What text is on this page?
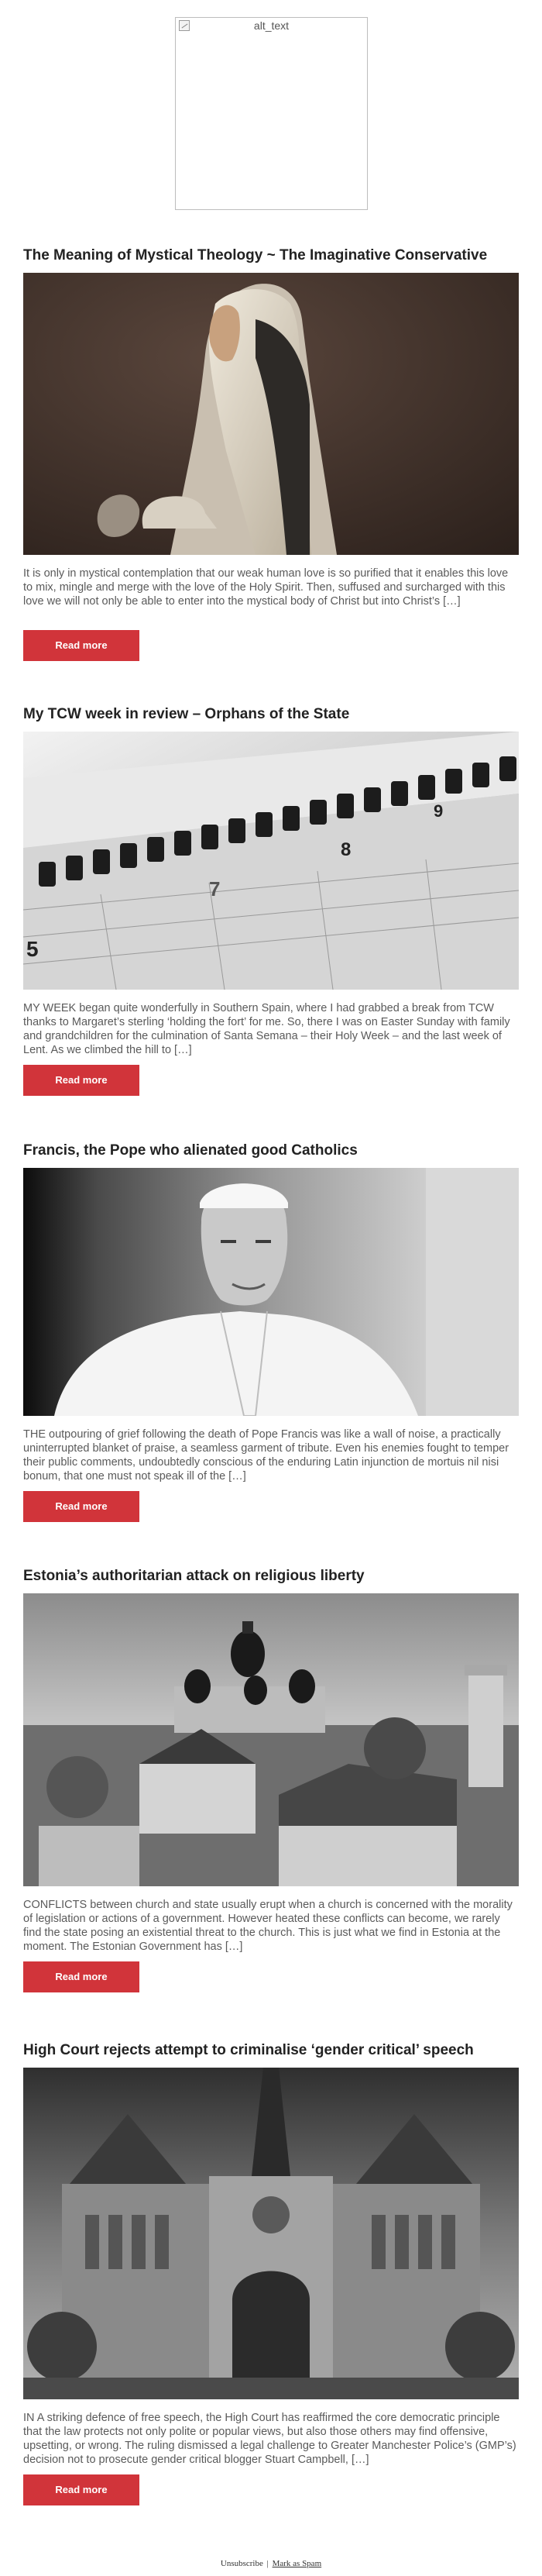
alt_text
The Meaning of Mystical Theology ~ The Imaginative Conservative

It is only in mystical contemplation that our weak human love is so purified that it enables this love to mix, mingle and merge with the love of the Holy Spirit. Then, suffused and surcharged with this love we will not only be able to enter into the mystical body of Christ but into Christ’s […]

Read more
My TCW week in review – Orphans of the State
7
8
9
5

MY WEEK began quite wonderfully in Southern Spain, where I had grabbed a break from TCW thanks to Margaret’s sterling ‘holding the fort’ for me. So, there I was on Easter Sunday with family and grandchildren for the culmination of Santa Semana – their Holy Week – and the last week of Lent. As we climbed the hill to […]

Read more
Francis, the Pope who alienated good Catholics

THE outpouring of grief following the death of Pope Francis was like a wall of noise, a practically uninterrupted blanket of praise, a seamless garment of tribute. Even his enemies fought to temper their public comments, undoubtedly conscious of the enduring Latin injunction de mortuis nil nisi bonum, that one must not speak ill of the […]

Read more
Estonia’s authoritarian attack on religious liberty

CONFLICTS between church and state usually erupt when a church is concerned with the morality of legislation or actions of a government. However heated these conflicts can become, we rarely find the state posing an existential threat to the church. This is just what we find in Estonia at the moment. The Estonian Government has […]

Read more
High Court rejects attempt to criminalise ‘gender critical’ speech

IN A striking defence of free speech, the High Court has reaffirmed the core democratic principle that the law protects not only polite or popular views, but also those others may find offensive, upsetting, or wrong. The ruling dismissed a legal challenge to Greater Manchester Police’s (GMP’s) decision not to prosecute gender critical blogger Stuart Campbell, […]

Read more
Unsubscribe | Mark as Spam
